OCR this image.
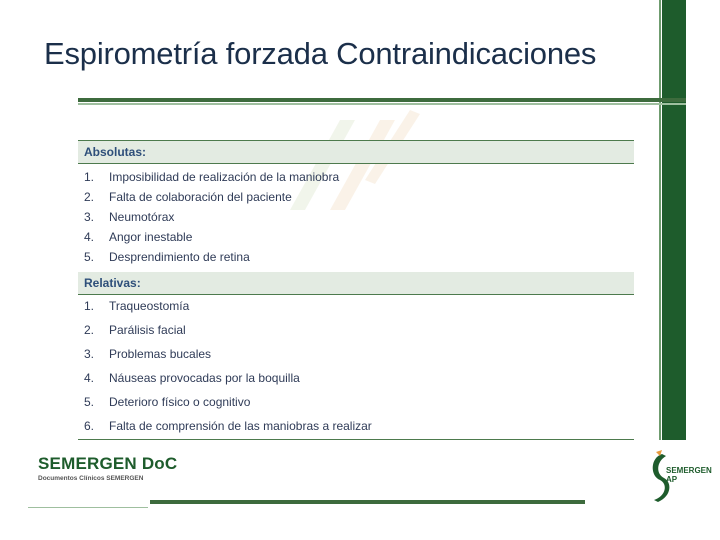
Espirometría forzada Contraindicaciones
Absolutas:
1. Imposibilidad de realización de la maniobra
2. Falta de colaboración del paciente
3. Neumotórax
4. Angor inestable
5. Desprendimiento de retina
Relativas:
1. Traqueostomía
2. Parálisis facial
3. Problemas bucales
4. Náuseas provocadas por la boquilla
5. Deterioro físico o cognitivo
6. Falta de comprensión de las maniobras a realizar
SEMERGEN DoC
Documentos Clínicos SEMERGEN
SEMERGEN AP
